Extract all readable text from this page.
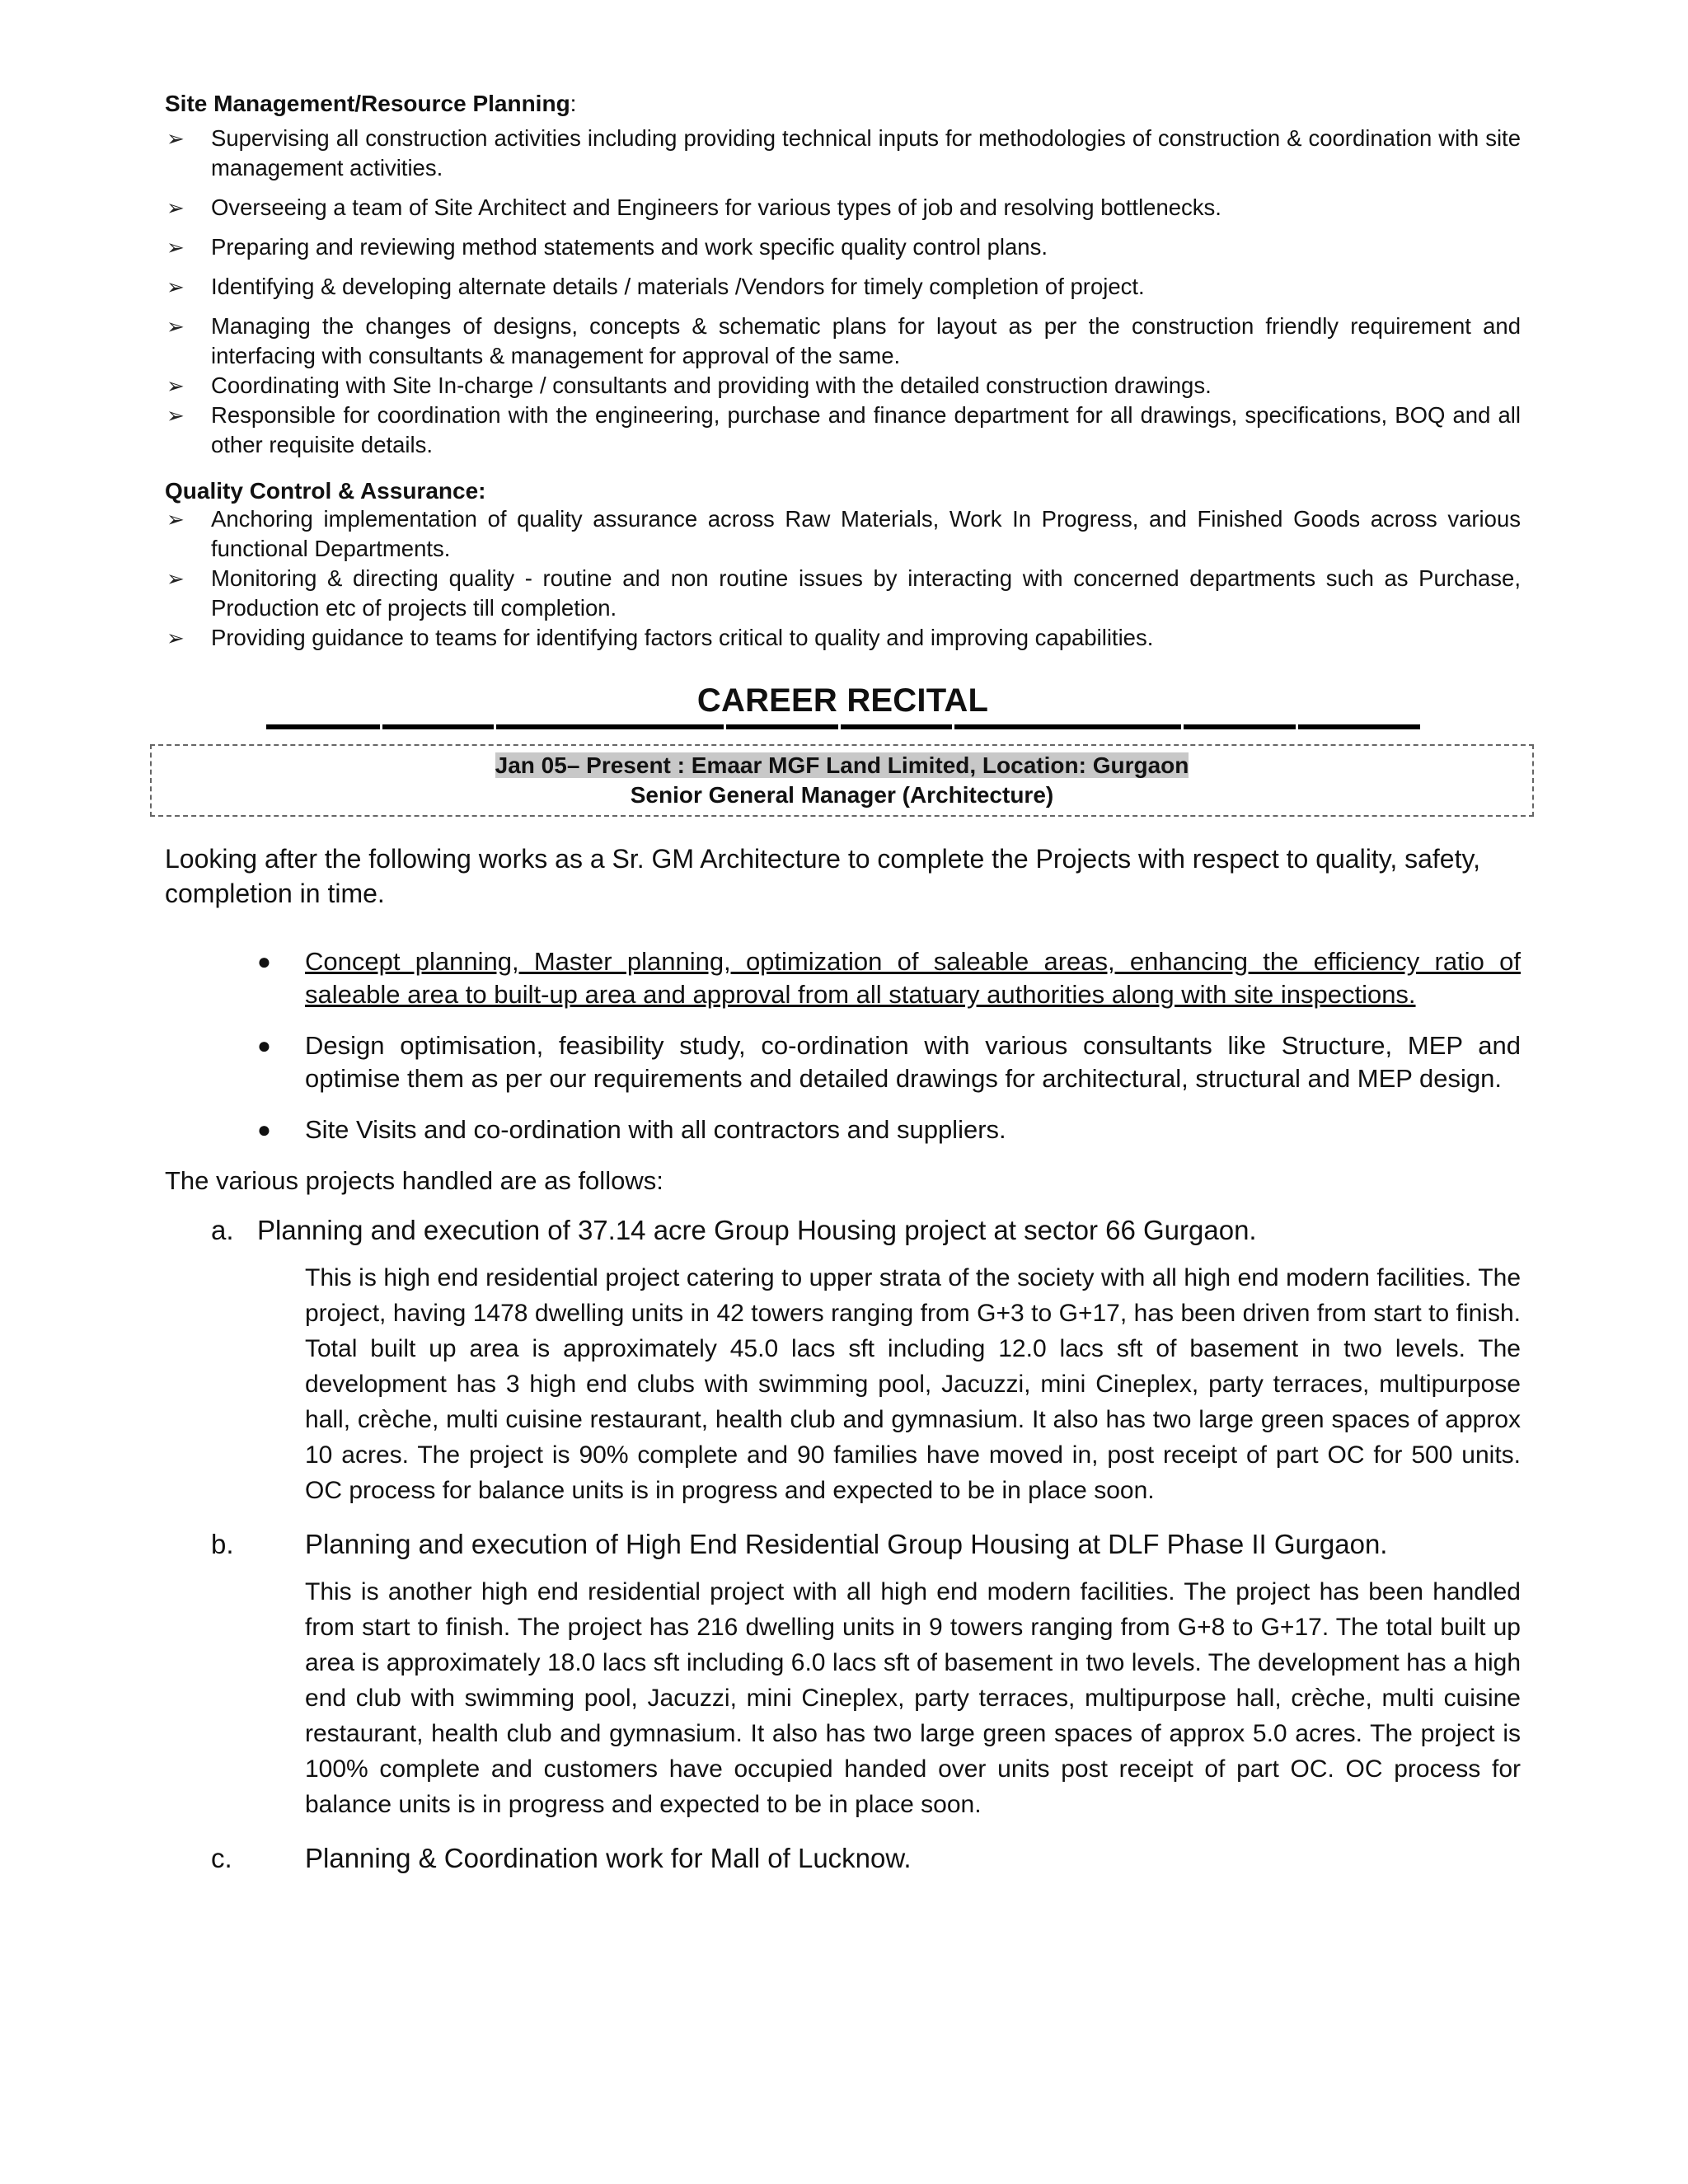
Site Management/Resource Planning:
➢ Supervising all construction activities including providing technical inputs for methodologies of construction & coordination with site management activities.
➢ Overseeing a team of Site Architect and Engineers for various types of job and resolving bottlenecks.
➢ Preparing and reviewing method statements and work specific quality control plans.
➢ Identifying & developing alternate details / materials /Vendors for timely completion of project.
➢ Managing the changes of designs, concepts & schematic plans for layout as per the construction friendly requirement and interfacing with consultants & management for approval of the same.
➢ Coordinating with Site In-charge / consultants and providing with the detailed construction drawings.
➢ Responsible for coordination with the engineering, purchase and finance department for all drawings, specifications, BOQ and all other requisite details.
Quality Control & Assurance:
➢ Anchoring implementation of quality assurance across Raw Materials, Work In Progress, and Finished Goods across various functional Departments.
➢ Monitoring & directing quality - routine and non routine issues by interacting with concerned departments such as Purchase, Production etc of projects till completion.
➢ Providing guidance to teams for identifying factors critical to quality and improving capabilities.
CAREER RECITAL
Jan 05– Present : Emaar MGF Land Limited, Location: Gurgaon
Senior General Manager (Architecture)
Looking after the following works as a Sr. GM Architecture to complete the Projects with respect to quality, safety, completion in time.
● Concept planning, Master planning, optimization of saleable areas, enhancing the efficiency ratio of saleable area to built-up area and approval from all statuary authorities along with site inspections.
● Design optimisation, feasibility study, co-ordination with various consultants like Structure, MEP and optimise them as per our requirements and detailed drawings for architectural, structural and MEP design.
● Site Visits and co-ordination with all contractors and suppliers.
The various projects handled are as follows:
a. Planning and execution of 37.14 acre Group Housing project at sector 66 Gurgaon.
This is high end residential project catering to upper strata of the society with all high end modern facilities. The project, having 1478 dwelling units in 42 towers ranging from G+3 to G+17, has been driven from start to finish. Total built up area is approximately 45.0 lacs sft including 12.0 lacs sft of basement in two levels. The development has 3 high end clubs with swimming pool, Jacuzzi, mini Cineplex, party terraces, multipurpose hall, crèche, multi cuisine restaurant, health club and gymnasium. It also has two large green spaces of approx 10 acres. The project is 90% complete and 90 families have moved in, post receipt of part OC for 500 units. OC process for balance units is in progress and expected to be in place soon.
b.	Planning and execution of High End Residential Group Housing at DLF Phase II Gurgaon.
This is another high end residential project with all high end modern facilities. The project has been handled from start to finish. The project has 216 dwelling units in 9 towers ranging from G+8 to G+17. The total built up area is approximately 18.0 lacs sft including 6.0 lacs sft of basement in two levels. The development has a high end club with swimming pool, Jacuzzi, mini Cineplex, party terraces, multipurpose hall, crèche, multi cuisine restaurant, health club and gymnasium. It also has two large green spaces of approx 5.0 acres. The project is 100% complete and customers have occupied handed over units post receipt of part OC. OC process for balance units is in progress and expected to be in place soon.
c.	Planning & Coordination work for Mall of Lucknow.
